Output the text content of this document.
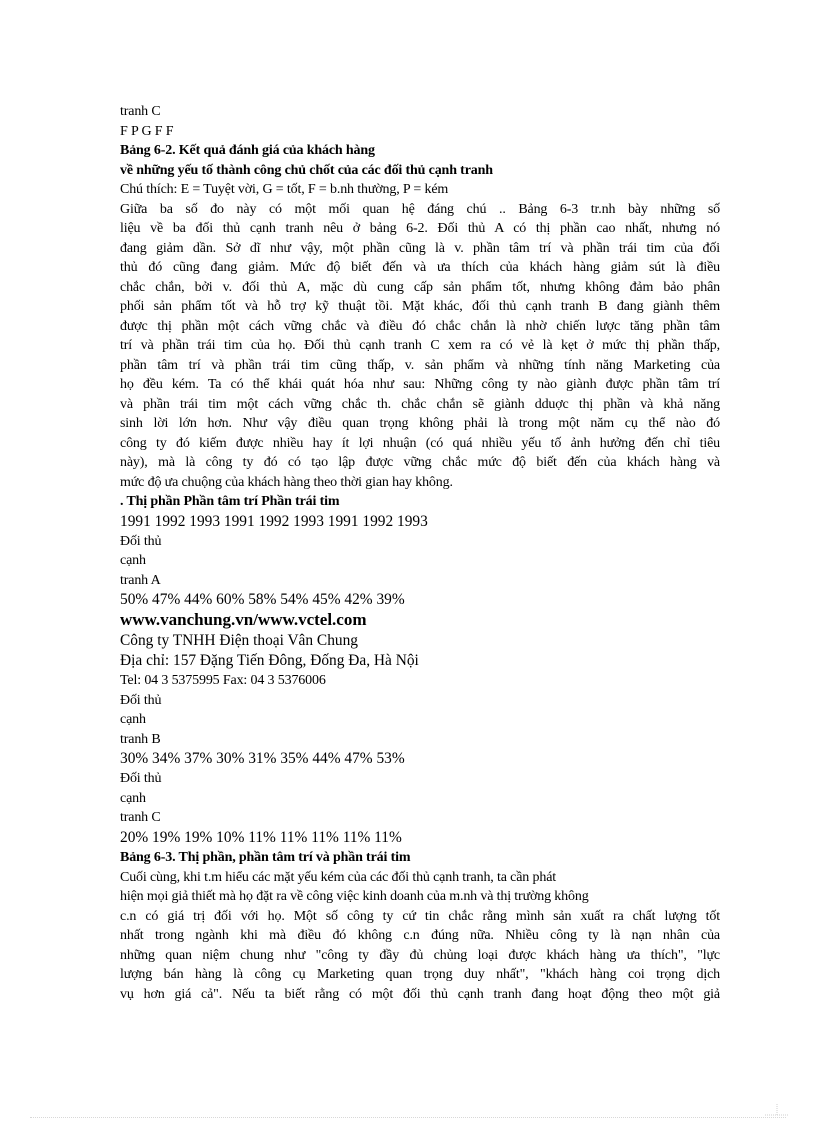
tranh C
F P G F F
Bảng 6-2. Kết quả đánh giá của khách hàng
về những yếu tố thành công chủ chốt của các đối thủ cạnh tranh
Chú thích: E = Tuyệt vời, G = tốt, F = b.nh thường, P = kém
Giữa ba số đo này có một mối quan hệ đáng chú .. Bảng 6-3 tr.nh bày những số
liệu về ba đối thủ cạnh tranh nêu ở bảng 6-2. Đối thủ A có thị phần cao nhất, nhưng nó
đang giảm dần. Sở dĩ như vậy, một phần cũng là v. phần tâm trí và phần trái tim của đối
thủ đó cũng đang giảm. Mức độ biết đến và ưa thích của khách hàng giảm sút là điều
chắc chắn, bởi v. đối thủ A, mặc dù cung cấp sản phẩm tốt, nhưng không đảm bảo phân
phối sản phẩm tốt và hỗ trợ kỹ thuật tồi. Mặt khác, đối thủ cạnh tranh B đang giành thêm
được thị phần một cách vững chắc và điều đó chắc chắn là nhờ chiến lược tăng phần tâm
trí và phần trái tim của họ. Đối thủ cạnh tranh C xem ra có vẻ là kẹt ở mức thị phần thấp,
phần tâm trí và phần trái tim cũng thấp, v. sản phẩm và những tính năng Marketing của
họ đều kém. Ta có thể khái quát hóa như sau: Những công ty nào giành được phần tâm trí
và phần trái tim một cách vững chắc th. chắc chắn sẽ giành dduợc thị phần và khả năng
sinh lời lớn hơn. Như vậy điều quan trọng không phải là trong một năm cụ thể nào đó
công ty đó kiếm được nhiều hay ít lợi nhuận (có quá nhiều yếu tố ảnh hưởng đến chỉ tiêu
này), mà là công ty đó có tạo lập được vững chắc mức độ biết đến của khách hàng và
mức độ ưa chuộng của khách hàng theo thời gian hay không.
. Thị phần Phần tâm trí Phần trái tim
1991 1992 1993 1991 1992 1993 1991 1992 1993
Đối thủ
cạnh
tranh A
50% 47% 44% 60% 58% 54% 45% 42% 39%
www.vanchung.vn/www.vctel.com
Công ty TNHH Điện thoại Vân Chung
Địa chỉ: 157 Đặng Tiến Đông, Đống Đa, Hà Nội
Tel: 04 3 5375995 Fax: 04 3 5376006
Đối thủ
cạnh
tranh B
30% 34% 37% 30% 31% 35% 44% 47% 53%
Đối thủ
cạnh
tranh C
20% 19% 19% 10% 11% 11% 11% 11% 11%
Bảng 6-3. Thị phần, phần tâm trí và phần trái tim
Cuối cùng, khi t.m hiểu các mặt yếu kém của các đối thủ cạnh tranh, ta cần phát
hiện mọi giả thiết mà họ đặt ra về công việc kinh doanh của m.nh và thị trường không
c.n có giá trị đối với họ. Một số công ty cứ tin chắc rằng mình sản xuất ra chất lượng tốt
nhất trong ngành khi mà điều đó không c.n đúng nữa. Nhiều công ty là nạn nhân của
những quan niệm chung như "công ty đầy đủ chủng loại được khách hàng ưa thích", "lực
lượng bán hàng là công cụ Marketing quan trọng duy nhất", "khách hàng coi trọng dịch
vụ hơn giá cả". Nếu ta biết rằng có một đối thủ cạnh tranh đang hoạt động theo một giả
